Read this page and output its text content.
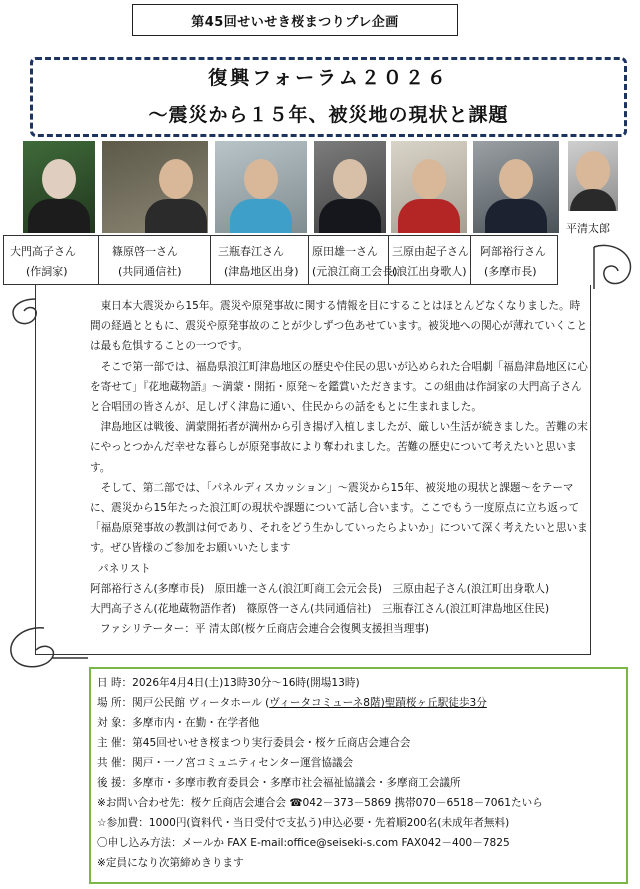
第45回せいせき桜まつりプレ企画
復興フォーラム２０２６
～震災から１５年、被災地の現状と課題
平清太郎
大門高子さん
(作詞家)
篠原啓一さん
(共同通信社)
三瓶春江さん
(津島地区出身)
原田雄一さん
(元浪江商工会長)
三原由起子さん
(浪江出身歌人)
阿部裕行さん
(多摩市長)

東日本大震災から15年。震災や原発事故に関する情報を目にすることはほとんどなくなりました。時間の経過とともに、震災や原発事故のことが少しずつ色あせています。被災地への関心が薄れていくことは最も危惧することの一つです。

そこで第一部では、福島県浪江町津島地区の歴史や住民の思いが込められた合唱劇「福島津島地区に心を寄せて」『花地蔵物語』～満蒙・開拓・原発～を鑑賞いただきます。この組曲は作詞家の大門高子さんと合唱団の皆さんが、足しげく津島に通い、住民からの話をもとに生まれました。

津島地区は戦後、満蒙開拓者が満州から引き揚げ入植しましたが、厳しい生活が続きました。苦難の末にやっとつかんだ幸せな暮らしが原発事故により奪われました。苦難の歴史について考えたいと思います。

そして、第二部では、「パネルディスカッション」～震災から15年、被災地の現状と課題～をテーマに、震災から15年たった浪江町の現状や課題について話し合います。ここでもう一度原点に立ち返って「福島原発事故の教訓は何であり、それをどう生かしていったらよいか」について深く考えたいと思います。ぜひ皆様のご参加をお願いいたします

パネリスト
阿部裕行さん(多摩市長)　原田雄一さん(浪江町商工会元会長)　三原由起子さん(浪江町出身歌人)
大門高子さん(花地蔵物語作者)　篠原啓一さん(共同通信社)　三瓶春江さん(浪江町津島地区住民)
ファシリテーター：平 清太郎(桜ケ丘商店会連合会復興支援担当理事)
日 時：2026年4月4日(土)13時30分～16時(開場13時)
場 所：関戸公民館 ヴィータホール (ヴィータコミューネ8階)聖蹟桜ヶ丘駅徒歩3分
対 象：多摩市内・在勤・在学者他
主 催：第45回せいせき桜まつり実行委員会・桜ケ丘商店会連合会
共 催：関戸・一ノ宮コミュニティセンター運営協議会
後 援：多摩市・多摩市教育委員会・多摩市社会福祉協議会・多摩商工会議所
※お問い合わせ先：桜ケ丘商店会連合会 ☎042－373－5869 携帯070－6518－7061たいら
☆参加費：1000円(資料代・当日受付で支払う)申込必要・先着順200名(未成年者無料)
〇申し込み方法：メールか FAX E-mail:office@seiseki-s.com FAX042－400－7825
※定員になり次第締めきります
